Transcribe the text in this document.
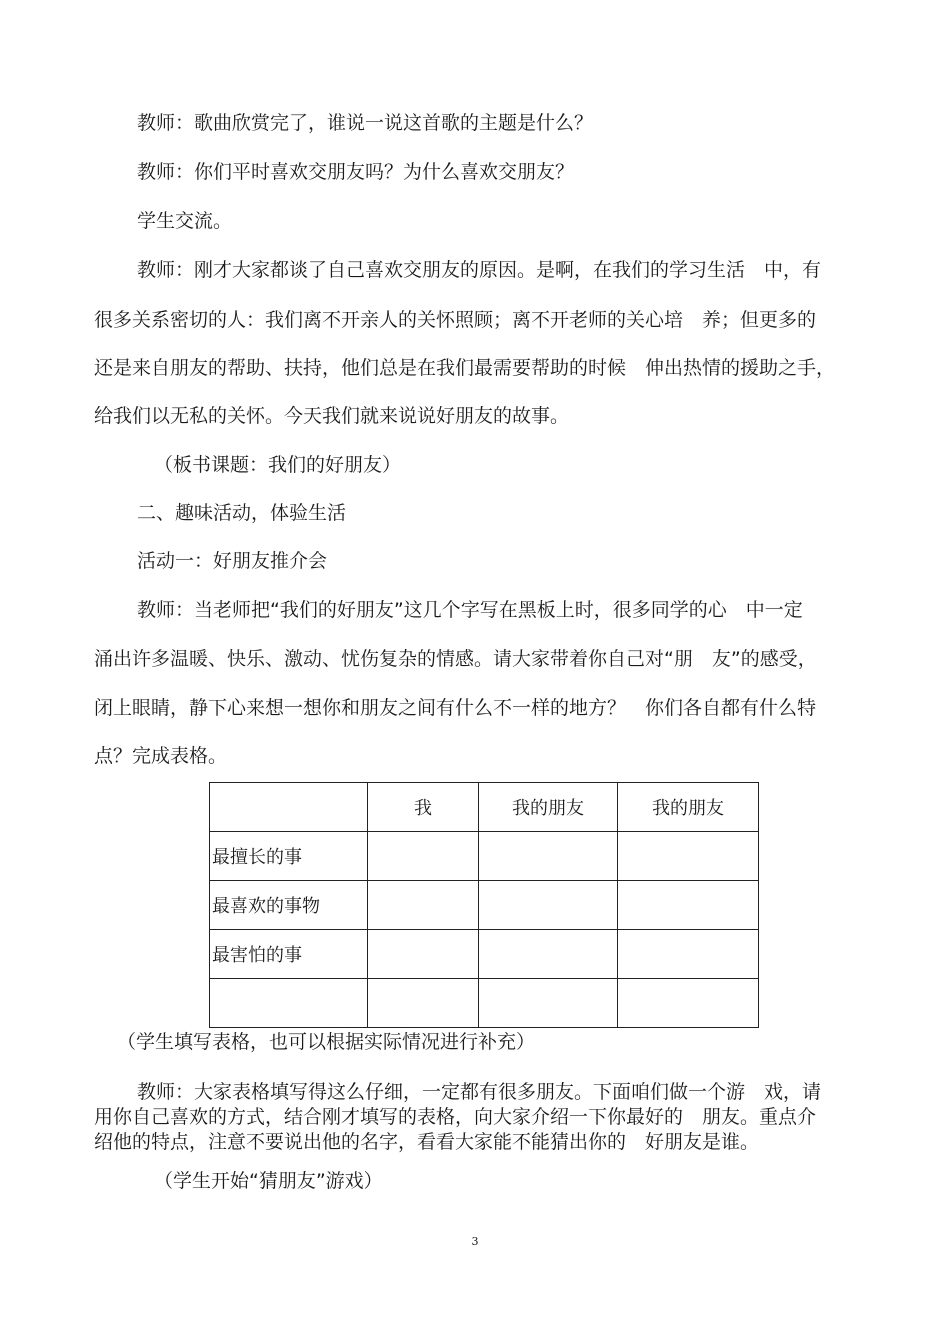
教师：歌曲欣赏完了，谁说一说这首歌的主题是什么？
教师：你们平时喜欢交朋友吗？为什么喜欢交朋友？
学生交流。
教师：刚才大家都谈了自己喜欢交朋友的原因。是啊，在我们的学习生活　中，有
很多关系密切的人：我们离不开亲人的关怀照顾；离不开老师的关心培　养；但更多的
还是来自朋友的帮助、扶持，他们总是在我们最需要帮助的时候　伸出热情的援助之手，
给我们以无私的关怀。今天我们就来说说好朋友的故事。
（板书课题：我们的好朋友）
二、趣味活动，体验生活
活动一：好朋友推介会
教师：当老师把“我们的好朋友”这几个字写在黑板上时，很多同学的心　中一定
涌出许多温暖、快乐、激动、忧伤复杂的情感。请大家带着你自己对“朋　友”的感受，
闭上眼睛，静下心来想一想你和朋友之间有什么不一样的地方？　你们各自都有什么特
点？完成表格。
	我	我的朋友	我的朋友
最擅长的事			
最喜欢的事物			
最害怕的事			

（学生填写表格，也可以根据实际情况进行补充）
教师：大家表格填写得这么仔细，一定都有很多朋友。下面咱们做一个游　戏，请
用你自己喜欢的方式，结合刚才填写的表格，向大家介绍一下你最好的　朋友。重点介
绍他的特点，注意不要说出他的名字，看看大家能不能猜出你的　好朋友是谁。
（学生开始“猜朋友”游戏）
3
